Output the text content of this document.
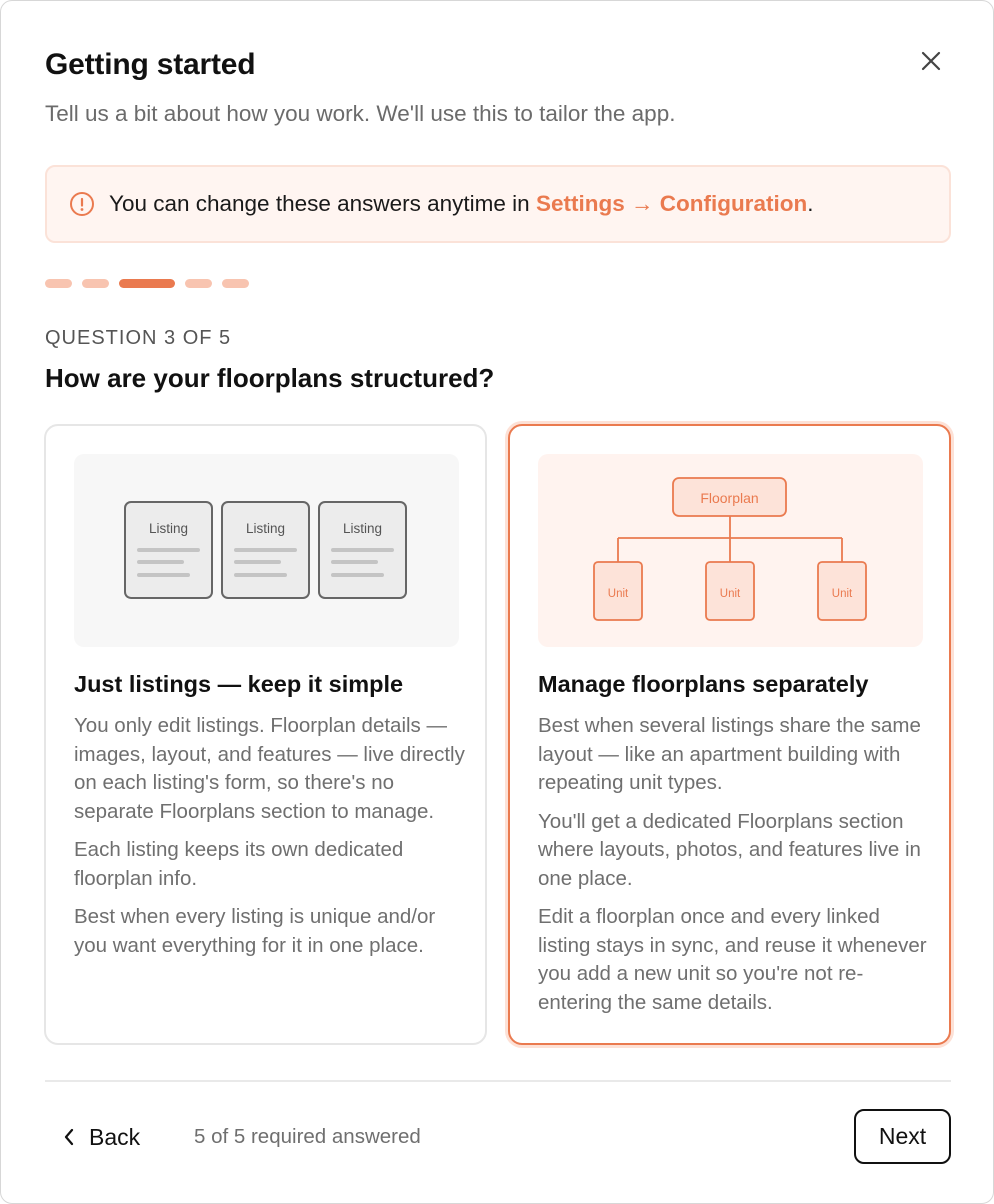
Getting started

Tell us a bit about how you work. We'll use this to tailor the app.

You can change these answers anytime in Settings → Configuration.
QUESTION 3 OF 5
How are your floorplans structured?
Listing	Listing	Listing
Just listings — keep it simple

You only edit listings. Floorplan details — images, layout, and features — live directly on each listing's form, so there's no separate Floorplans section to manage.

Each listing keeps its own dedicated floorplan info.

Best when every listing is unique and/or you want everything for it in one place.

Floorplan
Unit	Unit	Unit
Manage floorplans separately

Best when several listings share the same layout — like an apartment building with repeating unit types.

You'll get a dedicated Floorplans section where layouts, photos, and features live in one place.

Edit a floorplan once and every linked listing stays in sync, and reuse it whenever you add a new unit so you're not re-entering the same details.

Back	5 of 5 required answered	Next
